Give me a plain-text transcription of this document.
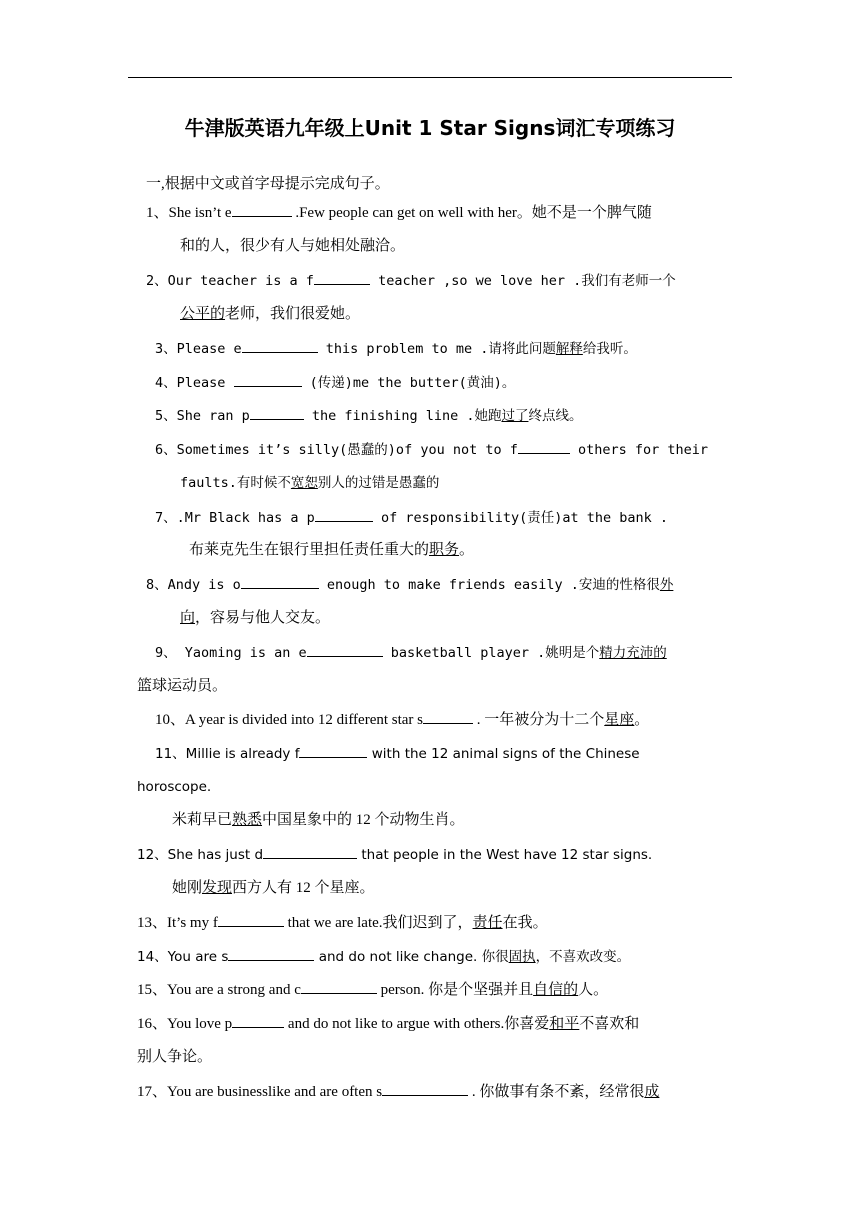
牛津版英语九年级上Unit 1 Star Signs词汇专项练习
一,根据中文或首字母提示完成句子。
1、She isn’t e	.Few people can get on well with her。她不是一个脾气随
和的人，很少有人与她相处融洽。
2、Our teacher is a f	teacher ,so we love her .我们有老师一个
公平的老师，我们很爱她。
3、Please e	this problem to me .请将此问题解释给我听。
4、Please	(传递)me the butter(黄油)。
5、She ran p	the finishing line .她跑过了终点线。
6、Sometimes it’s silly(愚蠢的)of you not to f	others for their
faults.有时候不宽恕别人的过错是愚蠢的
7、.Mr Black has a p	of responsibility(责任)at the bank .
布莱克先生在银行里担任责任重大的职务。
8、Andy is o	enough to make friends easily .安迪的性格很外
向，容易与他人交友。
9、 Yaoming is an e	basketball player .姚明是个精力充沛的
篮球运动员。
10、A year is divided into 12 different star s	. 一年被分为十二个星座。
11、Millie is already f	with the 12 animal signs of the Chinese
horoscope.
米莉早已熟悉中国星象中的 12 个动物生肖。
12、She has just d	that people in the West have 12 star signs.
她刚发现西方人有 12 个星座。
13、It’s my f	that we are late.我们迟到了，责任在我。
14、You are s	and do not like change. 你很固执，不喜欢改变。
15、You are a strong and c	person. 你是个坚强并且自信的人。
16、You love p	and do not like to argue with others.你喜爱和平不喜欢和
别人争论。
17、You are businesslike and are often s	. 你做事有条不紊，经常很成
